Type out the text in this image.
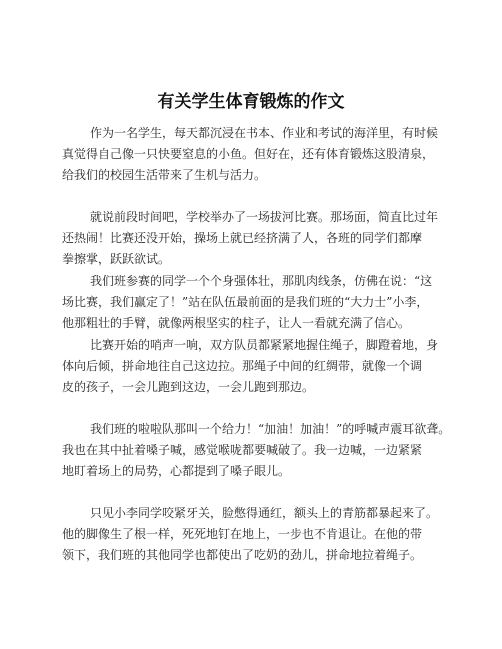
有关学生体育锻炼的作文
作为一名学生，每天都沉浸在书本、作业和考试的海洋里，有时候
真觉得自己像一只快要窒息的小鱼。但好在，还有体育锻炼这股清泉，
给我们的校园生活带来了生机与活力。
就说前段时间吧，学校举办了一场拔河比赛。那场面，简直比过年
还热闹！比赛还没开始，操场上就已经挤满了人，各班的同学们都摩
拳擦掌，跃跃欲试。
我们班参赛的同学一个个身强体壮，那肌肉线条，仿佛在说：“这
场比赛，我们赢定了！”站在队伍最前面的是我们班的“大力士”小李，
他那粗壮的手臂，就像两根坚实的柱子，让人一看就充满了信心。
比赛开始的哨声一响，双方队员都紧紧地握住绳子，脚蹬着地，身
体向后倾，拼命地往自己这边拉。那绳子中间的红绸带，就像一个调
皮的孩子，一会儿跑到这边，一会儿跑到那边。
我们班的啦啦队那叫一个给力！“加油！加油！”的呼喊声震耳欲聋。
我也在其中扯着嗓子喊，感觉喉咙都要喊破了。我一边喊，一边紧紧
地盯着场上的局势，心都提到了嗓子眼儿。
只见小李同学咬紧牙关，脸憋得通红，额头上的青筋都暴起来了。
他的脚像生了根一样，死死地钉在地上，一步也不肯退让。在他的带
领下，我们班的其他同学也都使出了吃奶的劲儿，拼命地拉着绳子。
